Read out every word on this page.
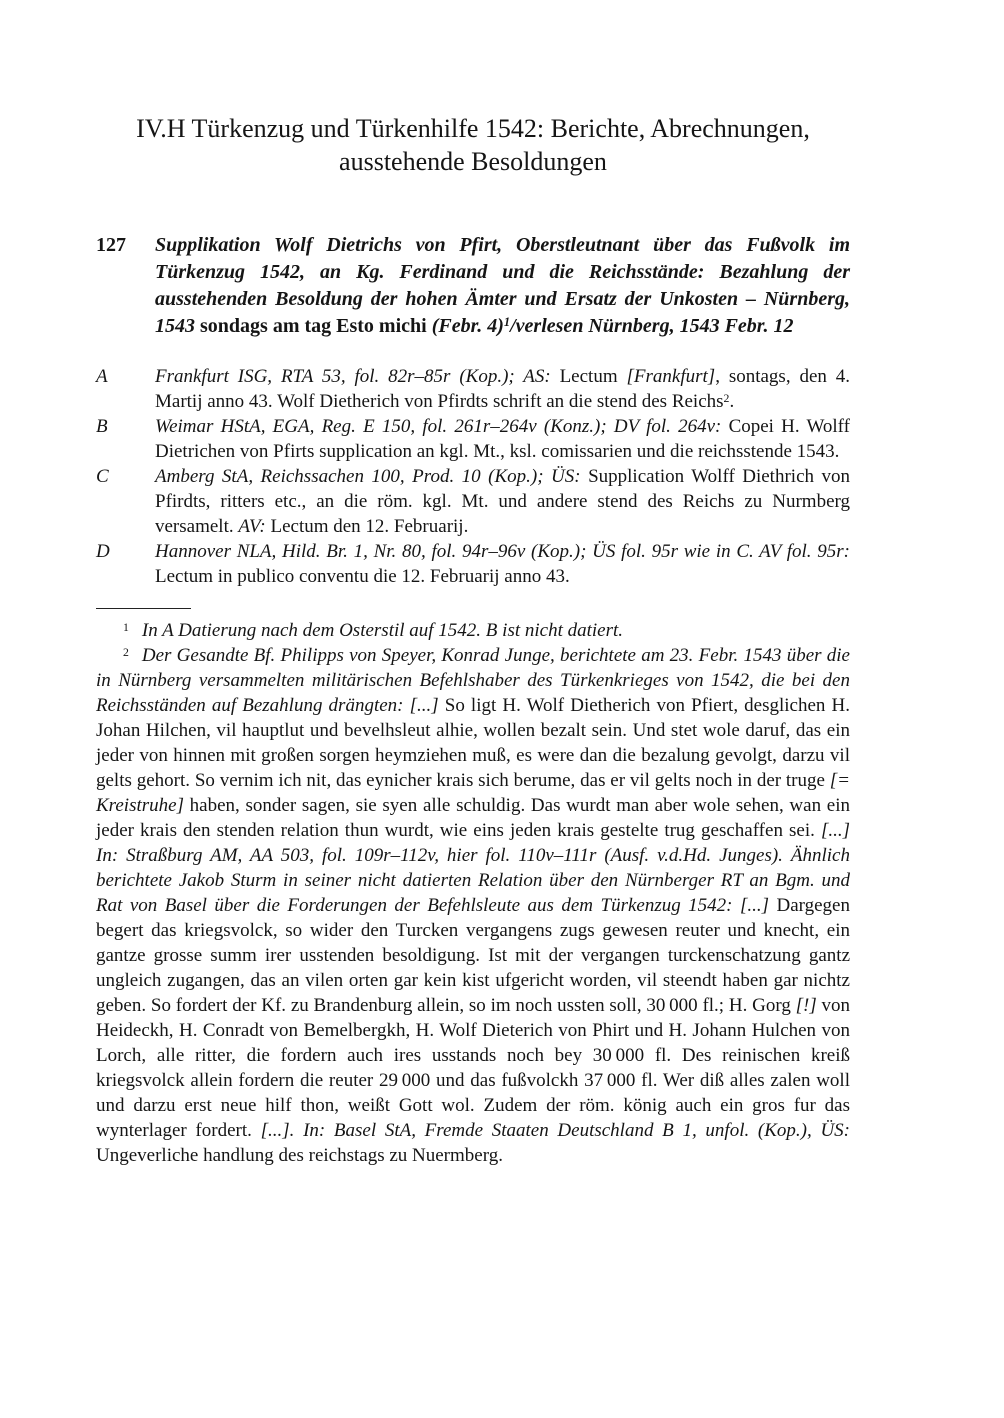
IV.H Türkenzug und Türkenhilfe 1542: Berichte, Abrechnungen,
ausstehende Besoldungen
127	Supplikation Wolf Dietrichs von Pfirt, Oberstleutnant über das Fußvolk im Türkenzug 1542, an Kg. Ferdinand und die Reichsstände: Bezahlung der ausstehenden Besoldung der hohen Ämter und Ersatz der Unkosten – Nürnberg, 1543 sondags am tag Esto michi (Febr. 4)$^1$/verlesen Nürnberg, 1543 Febr. 12
A	Frankfurt ISG, RTA 53, fol. 82r–85r (Kop.); AS: Lectum [Frankfurt], sontags, den 4. Martij anno 43. Wolf Dietherich von Pfirdts schrift an die stend des Reichs$^2$.
B	Weimar HStA, EGA, Reg. E 150, fol. 261r–264v (Konz.); DV fol. 264v: Copei H. Wolff Dietrichen von Pfirts supplication an kgl. Mt., ksl. comissarien und die reichsstende 1543.
C	Amberg StA, Reichssachen 100, Prod. 10 (Kop.); ÜS: Supplication Wolff Diethrich von Pfirdts, ritters etc., an die röm. kgl. Mt. und andere stend des Reichs zu Nurmberg versamelt. AV: Lectum den 12. Februarij.
D	Hannover NLA, Hild. Br. 1, Nr. 80, fol. 94r–96v (Kop.); ÜS fol. 95r wie in C. AV fol. 95r: Lectum in publico conventu die 12. Februarij anno 43.

$^1$ In A Datierung nach dem Osterstil auf 1542. B ist nicht datiert.

$^2$ Der Gesandte Bf. Philipps von Speyer, Konrad Junge, berichtete am 23. Febr. 1543 über die in Nürnberg versammelten militärischen Befehlshaber des Türkenkrieges von 1542, die bei den Reichsständen auf Bezahlung drängten: [...] So ligt H. Wolf Dietherich von Pfiert, desglichen H. Johan Hilchen, vil hauptlut und bevelhsleut alhie, wollen bezalt sein. Und stet wole daruf, das ein jeder von hinnen mit großen sorgen heymziehen muß, es were dan die bezalung gevolgt, darzu vil gelts gehort. So vernim ich nit, das eynicher krais sich berume, das er vil gelts noch in der truge [= Kreistruhe] haben, sonder sagen, sie syen alle schuldig. Das wurdt man aber wole sehen, wan ein jeder krais den stenden relation thun wurdt, wie eins jeden krais gestelte trug geschaffen sei. [...] In: Straßburg AM, AA 503, fol. 109r–112v, hier fol. 110v–111r (Ausf. v.d.Hd. Junges). Ähnlich berichtete Jakob Sturm in seiner nicht datierten Relation über den Nürnberger RT an Bgm. und Rat von Basel über die Forderungen der Befehlsleute aus dem Türkenzug 1542: [...] Dargegen begert das kriegsvolck, so wider den Turcken vergangens zugs gewesen reuter und knecht, ein gantze grosse summ irer usstenden besoldigung. Ist mit der vergangen turckenschatzung gantz ungleich zugangen, das an vilen orten gar kein kist ufgericht worden, vil steendt haben gar nichtz geben. So fordert der Kf. zu Brandenburg allein, so im noch ussten soll, 30 000 fl.; H. Gorg [!] von Heideckh, H. Conradt von Bemelbergkh, H. Wolf Dieterich von Phirt und H. Johann Hulchen von Lorch, alle ritter, die fordern auch ires usstands noch bey 30 000 fl. Des reinischen kreiß kriegsvolck allein fordern die reuter 29 000 und das fußvolckh 37 000 fl. Wer diß alles zalen woll und darzu erst neue hilf thon, weißt Gott wol. Zudem der röm. könig auch ein gros fur das wynterlager fordert. [...]. In: Basel StA, Fremde Staaten Deutschland B 1, unfol. (Kop.), ÜS: Ungeverliche handlung des reichstags zu Nuermberg.
